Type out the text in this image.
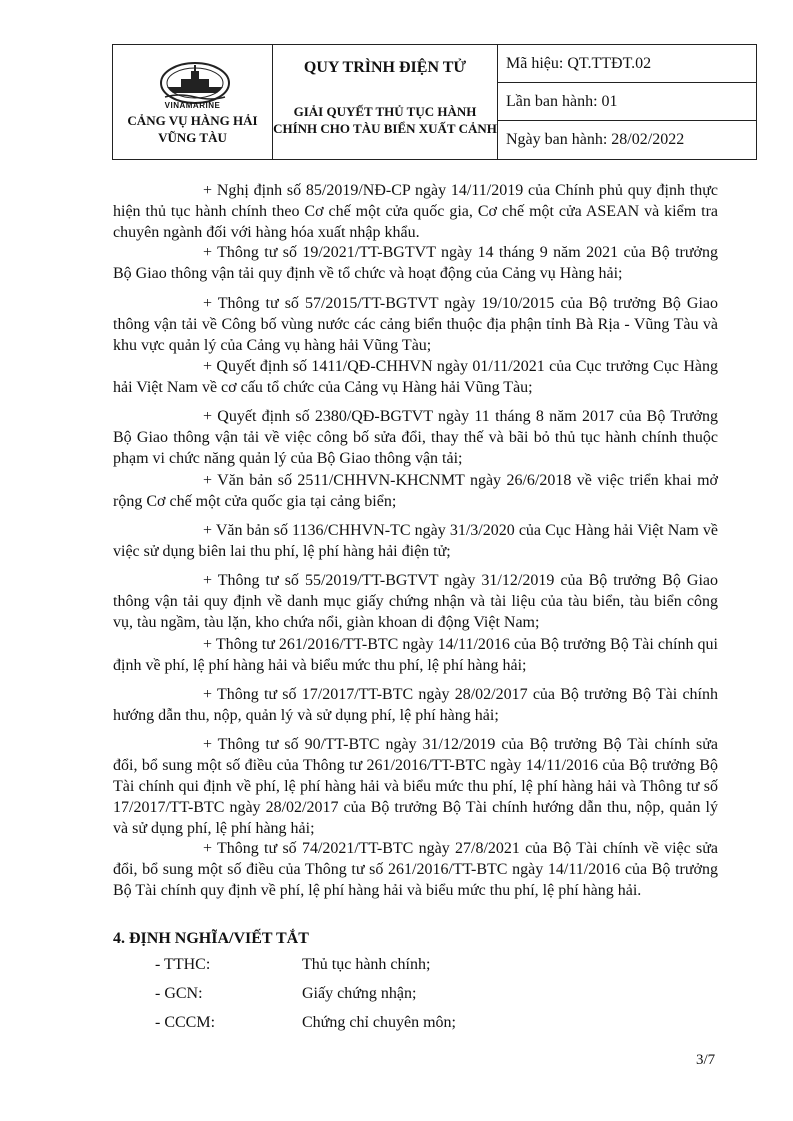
VINAMARINE
CẢNG VỤ HÀNG HẢI
VŨNG TÀU
QUY TRÌNH ĐIỆN TỬ
GIẢI QUYẾT THỦ TỤC HÀNH
CHÍNH CHO TÀU BIỂN XUẤT CẢNH
Mã hiệu: QT.TTĐT.02
Lần ban hành: 01
Ngày ban hành: 28/02/2022

+ Nghị định số 85/2019/NĐ-CP ngày 14/11/2019 của Chính phủ quy định thực hiện thủ tục hành chính theo Cơ chế một cửa quốc gia, Cơ chế một cửa ASEAN và kiểm tra chuyên ngành đối với hàng hóa xuất nhập khẩu.

+ Thông tư số 19/2021/TT-BGTVT ngày 14 tháng 9 năm 2021 của Bộ trưởng Bộ Giao thông vận tải quy định về tổ chức và hoạt động của Cảng vụ Hàng hải;

+ Thông tư số 57/2015/TT-BGTVT ngày 19/10/2015 của Bộ trưởng Bộ Giao thông vận tải về Công bố vùng nước các cảng biển thuộc địa phận tỉnh Bà Rịa - Vũng Tàu và khu vực quản lý của Cảng vụ hàng hải Vũng Tàu;

+ Quyết định số 1411/QĐ-CHHVN ngày 01/11/2021 của Cục trưởng Cục Hàng hải Việt Nam về cơ cấu tổ chức của Cảng vụ Hàng hải Vũng Tàu;

+ Quyết định số 2380/QĐ-BGTVT ngày 11 tháng 8 năm 2017 của Bộ Trưởng Bộ Giao thông vận tải về việc công bố sửa đổi, thay thế và bãi bỏ thủ tục hành chính thuộc phạm vi chức năng quản lý của Bộ Giao thông vận tải;

+ Văn bản số 2511/CHHVN-KHCNMT ngày 26/6/2018 về việc triển khai mở rộng Cơ chế một cửa quốc gia tại cảng biển;

+ Văn bản số 1136/CHHVN-TC ngày 31/3/2020 của Cục Hàng hải Việt Nam về việc sử dụng biên lai thu phí, lệ phí hàng hải điện tử;

+ Thông tư số 55/2019/TT-BGTVT ngày 31/12/2019 của Bộ trưởng Bộ Giao thông vận tải quy định về danh mục giấy chứng nhận và tài liệu của tàu biển, tàu biển công vụ, tàu ngầm, tàu lặn, kho chứa nổi, giàn khoan di động Việt Nam;

+ Thông tư 261/2016/TT-BTC ngày 14/11/2016 của Bộ trưởng Bộ Tài chính qui định về phí, lệ phí hàng hải và biểu mức thu phí, lệ phí hàng hải;

+ Thông tư số 17/2017/TT-BTC ngày 28/02/2017 của Bộ trưởng Bộ Tài chính hướng dẫn thu, nộp, quản lý và sử dụng phí, lệ phí hàng hải;

+ Thông tư số 90/TT-BTC ngày 31/12/2019 của Bộ trưởng Bộ Tài chính sửa đổi, bổ sung một số điều của Thông tư 261/2016/TT-BTC ngày 14/11/2016 của Bộ trưởng Bộ Tài chính qui định về phí, lệ phí hàng hải và biểu mức thu phí, lệ phí hàng hải và Thông tư số 17/2017/TT-BTC ngày 28/02/2017 của Bộ trưởng Bộ Tài chính hướng dẫn thu, nộp, quản lý và sử dụng phí, lệ phí hàng hải;

+ Thông tư số 74/2021/TT-BTC ngày 27/8/2021 của Bộ Tài chính về việc sửa đổi, bổ sung một số điều của Thông tư số 261/2016/TT-BTC ngày 14/11/2016 của Bộ trưởng Bộ Tài chính quy định về phí, lệ phí hàng hải và biểu mức thu phí, lệ phí hàng hải.

4. ĐỊNH NGHĨA/VIẾT TẮT
- TTHC:	Thủ tục hành chính;
- GCN:	Giấy chứng nhận;
- CCCM:	Chứng chỉ chuyên môn;
3/7
